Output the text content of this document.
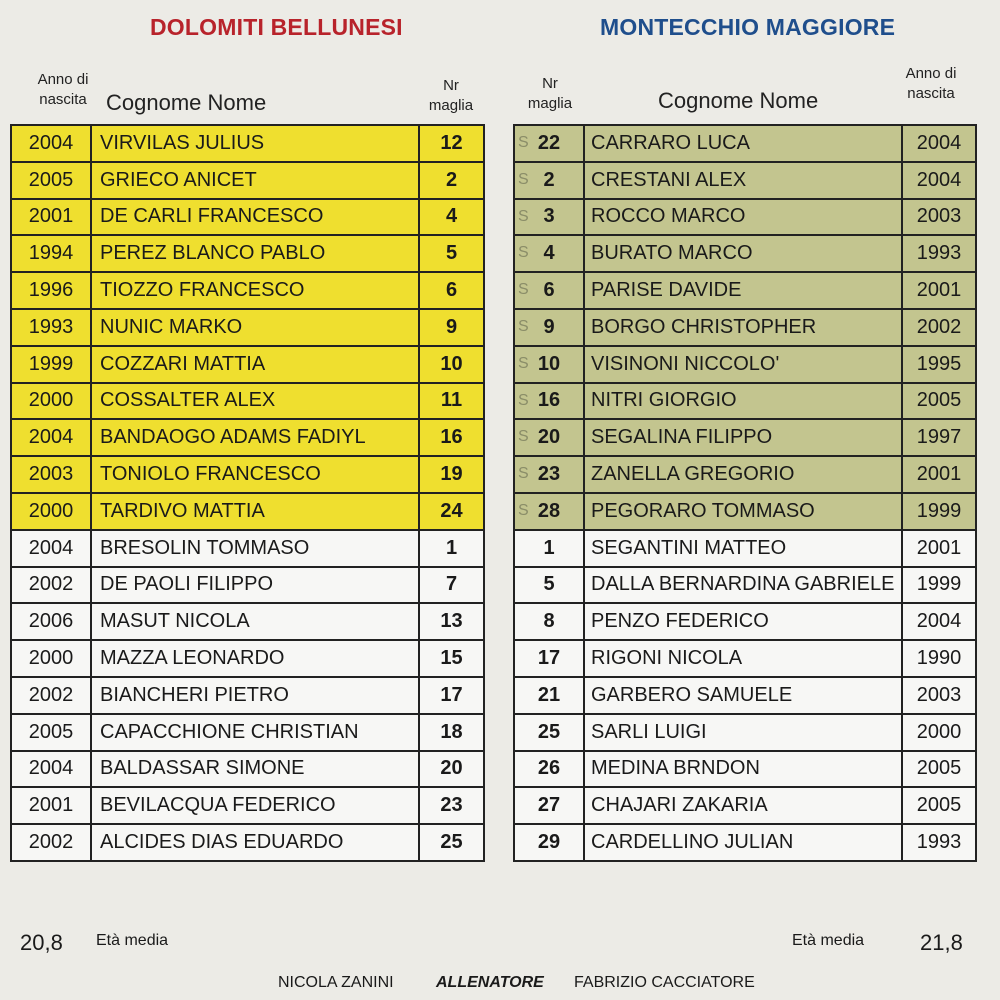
DOLOMITI BELLUNESI	MONTECCHIO MAGGIORE
Anno di
nascita Cognome Nome
Nr
maglia
Nr
maglia	Cognome Nome
Anno di
nascita
2004	VIRVILAS JULIUS	12
2005	GRIECO ANICET	2
2001	DE CARLI FRANCESCO	4
1994	PEREZ BLANCO PABLO	5
1996	TIOZZO FRANCESCO	6
1993	NUNIC MARKO	9
1999	COZZARI MATTIA	10
2000	COSSALTER ALEX	11
2004	BANDAOGO ADAMS FADIYL	16
2003	TONIOLO FRANCESCO	19
2000	TARDIVO MATTIA	24
2004	BRESOLIN TOMMASO	1
2002	DE PAOLI FILIPPO	7
2006	MASUT NICOLA	13
2000	MAZZA LEONARDO	15
2002	BIANCHERI PIETRO	17
2005	CAPACCHIONE CHRISTIAN	18
2004	BALDASSAR SIMONE	20
2001	BEVILACQUA FEDERICO	23
2002	ALCIDES DIAS EDUARDO	25
S 22	CARRARO LUCA	2004

S 2	CRESTANI ALEX	2004

S 3	ROCCO MARCO	2003

S 4	BURATO MARCO	1993

S 6	PARISE DAVIDE	2001

S 9	BORGO CHRISTOPHER	2002

S 10	VISINONI NICCOLO'	1995

S 16	NITRI GIORGIO	2005

S 20	SEGALINA FILIPPO	1997

S 23	ZANELLA GREGORIO	2001

S 28	PEGORARO TOMMASO	1999
1	SEGANTINI MATTEO	2001
5	DALLA BERNARDINA GABRIELE	1999
8	PENZO FEDERICO	2004
17	RIGONI NICOLA	1990
21	GARBERO SAMUELE	2003
25	SARLI LUIGI	2000
26	MEDINA BRNDON	2005
27	CHAJARI ZAKARIA	2005
29	CARDELLINO JULIAN	1993
20,8 Età media	Età media	21,8
NICOLA ZANINI	ALLENATORE FABRIZIO CACCIATORE
